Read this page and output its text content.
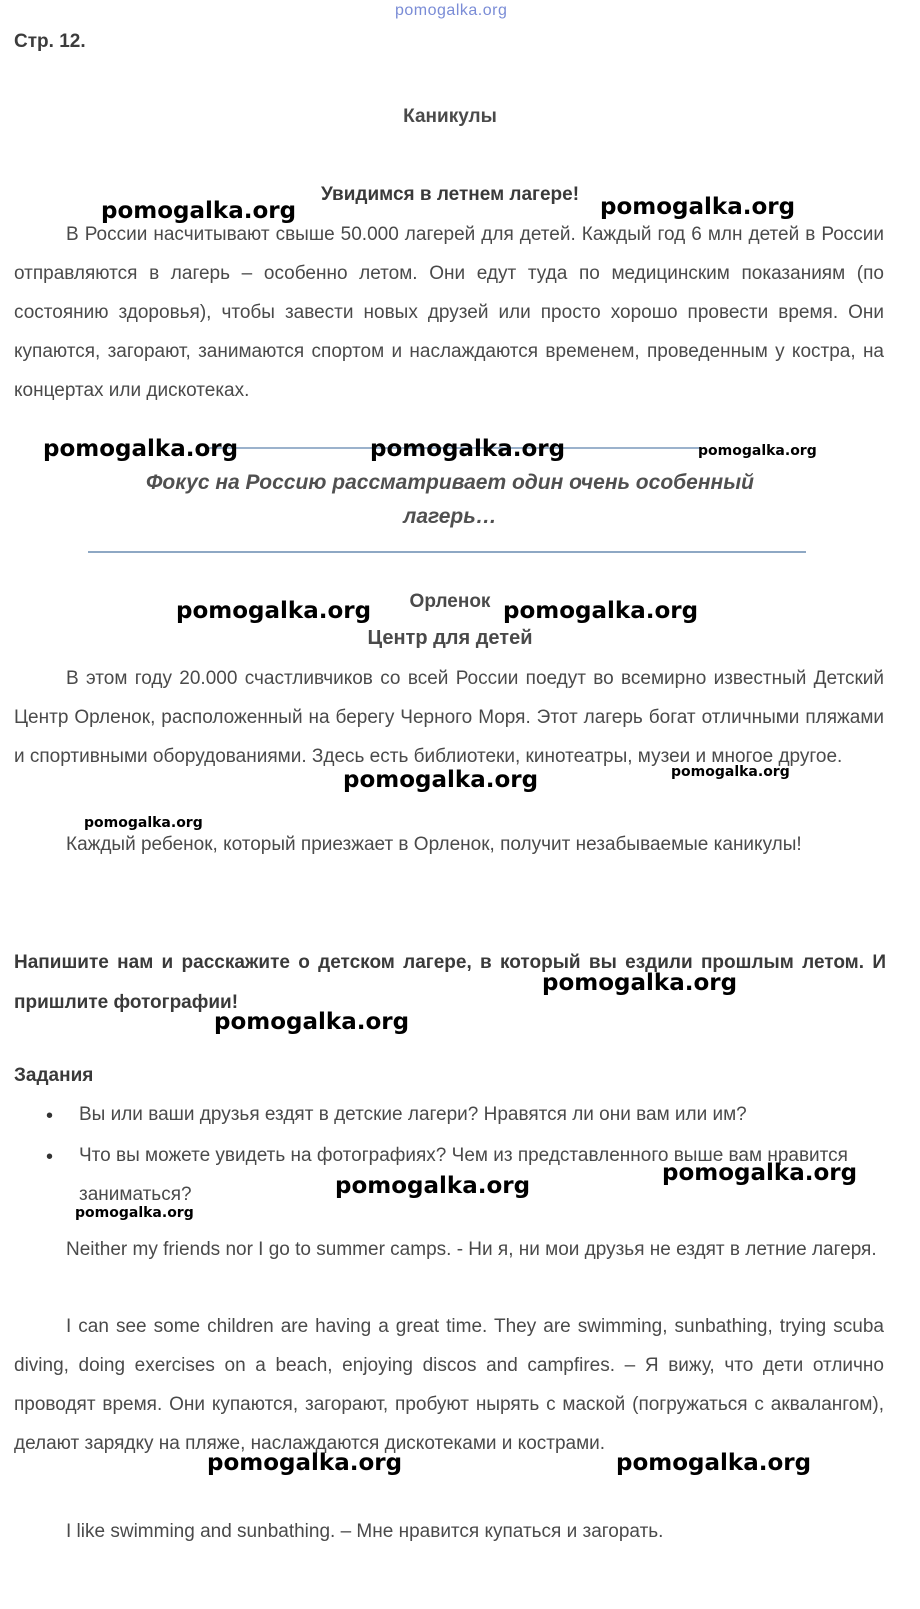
pomogalka.org
Стр. 12.
Каникулы
Увидимся в летнем лагере!

В России насчитывают свыше 50.000 лагерей для детей. Каждый год 6 млн детей в России отправляются в лагерь – особенно летом. Они едут туда по медицинским показаниям (по состоянию здоровья), чтобы завести новых друзей или просто хорошо провести время. Они купаются, загорают, занимаются спортом и наслаждаются временем, проведенным у костра, на концертах или дискотеках.

Фокус на Россию рассматривает один очень особенный
лагерь…
Орленок
Центр для детей

В этом году 20.000 счастливчиков со всей России поедут во всемирно известный Детский Центр Орленок, расположенный на берегу Черного Моря. Этот лагерь богат отличными пляжами и спортивными оборудованиями. Здесь есть библиотеки, кинотеатры, музеи и многое другое.

Каждый ребенок, который приезжает в Орленок, получит незабываемые каникулы!

Напишите нам и расскажите о детском лагере, в который вы ездили прошлым летом. И пришлите фотографии!
Задания
• Вы или ваши друзья ездят в детские лагери? Нравятся ли они вам или им?
• Что вы можете увидеть на фотографиях? Чем из представленного выше вам нравится заниматься?

Neither my friends nor I go to summer camps. - Ни я, ни мои друзья не ездят в летние лагеря.

I can see some children are having a great time. They are swimming, sunbathing, trying scuba diving, doing exercises on a beach, enjoying discos and campfires. – Я вижу, что дети отлично проводят время. Они купаются, загорают, пробуют нырять с маской (погружаться с аквалангом), делают зарядку на пляже, наслаждаются дискотеками и кострами.

I like swimming and sunbathing. – Мне нравится купаться и загорать.

pomogalka.org	pomogalka.org
pomogalka.org	pomogalka.org	pomogalka.org
pomogalka.org	pomogalka.org
pomogalka.org	pomogalka.org
pomogalka.org
pomogalka.org
pomogalka.org
pomogalka.org	pomogalka.org
pomogalka.org
pomogalka.org	pomogalka.org
